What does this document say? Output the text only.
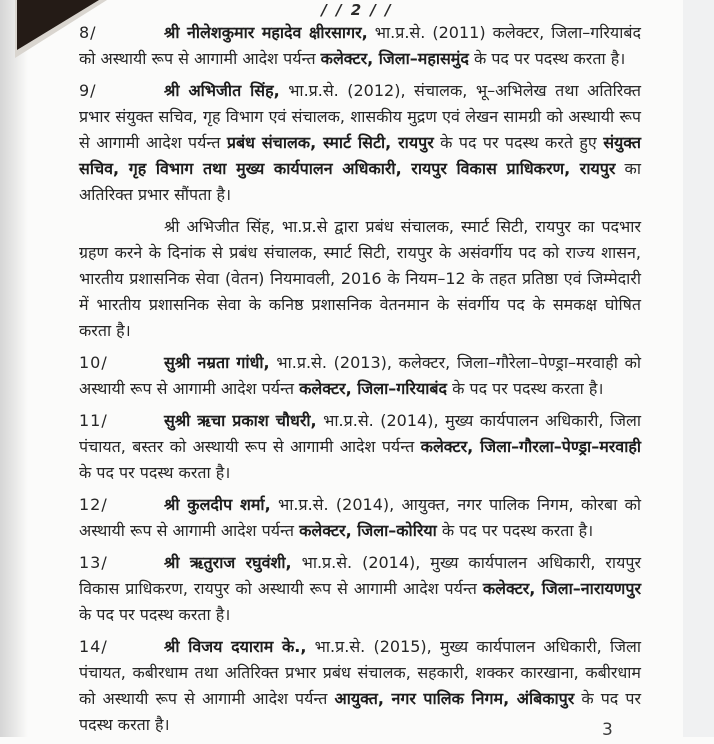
/ / 2 / /

8/	श्री नीलेशकुमार महादेव क्षीरसागर, भा.प्र.से. (2011) कलेक्टर, जिला–गरियाबंद को अस्थायी रूप से आगामी आदेश पर्यन्त कलेक्टर, जिला–महासमुंद के पद पर पदस्थ करता है।

9/	श्री अभिजीत सिंह, भा.प्र.से. (2012), संचालक, भू–अभिलेख तथा अतिरिक्त प्रभार संयुक्त सचिव, गृह विभाग एवं संचालक, शासकीय मुद्रण एवं लेखन सामग्री को अस्थायी रूप से आगामी आदेश पर्यन्त प्रबंध संचालक, स्मार्ट सिटी, रायपुर के पद पर पदस्थ करते हुए संयुक्त सचिव, गृह विभाग तथा मुख्य कार्यपालन अधिकारी, रायपुर विकास प्राधिकरण, रायपुर का अतिरिक्त प्रभार सौंपता है।

श्री अभिजीत सिंह, भा.प्र.से द्वारा प्रबंध संचालक, स्मार्ट सिटी, रायपुर का पदभार ग्रहण करने के दिनांक से प्रबंध संचालक, स्मार्ट सिटी, रायपुर के असंवर्गीय पद को राज्य शासन, भारतीय प्रशासनिक सेवा (वेतन) नियमावली, 2016 के नियम–12 के तहत प्रतिष्ठा एवं जिम्मेदारी में भारतीय प्रशासनिक सेवा के कनिष्ठ प्रशासनिक वेतनमान के संवर्गीय पद के समकक्ष घोषित करता है।

10/	सुश्री नम्रता गांधी, भा.प्र.से. (2013), कलेक्टर, जिला–गौरेला–पेण्ड्रा–मरवाही को अस्थायी रूप से आगामी आदेश पर्यन्त कलेक्टर, जिला–गरियाबंद के पद पर पदस्थ करता है।

11/	सुश्री ऋचा प्रकाश चौधरी, भा.प्र.से. (2014), मुख्य कार्यपालन अधिकारी, जिला पंचायत, बस्तर को अस्थायी रूप से आगामी आदेश पर्यन्त कलेक्टर, जिला–गौरला–पेण्ड्रा–मरवाही के पद पर पदस्थ करता है।

12/	श्री कुलदीप शर्मा, भा.प्र.से. (2014), आयुक्त, नगर पालिक निगम, कोरबा को अस्थायी रूप से आगामी आदेश पर्यन्त कलेक्टर, जिला–कोरिया के पद पर पदस्थ करता है।

13/	श्री ऋतुराज रघुवंशी, भा.प्र.से. (2014), मुख्य कार्यपालन अधिकारी, रायपुर विकास प्राधिकरण, रायपुर को अस्थायी रूप से आगामी आदेश पर्यन्त कलेक्टर, जिला–नारायणपुर के पद पर पदस्थ करता है।

14/	श्री विजय दयाराम के., भा.प्र.से. (2015), मुख्य कार्यपालन अधिकारी, जिला पंचायत, कबीरधाम तथा अतिरिक्त प्रभार प्रबंध संचालक, सहकारी, शक्कर कारखाना, कबीरधाम को अस्थायी रूप से आगामी आदेश पर्यन्त आयुक्त, नगर पालिक निगम, अंबिकापुर के पद पर पदस्थ करता है।	3
